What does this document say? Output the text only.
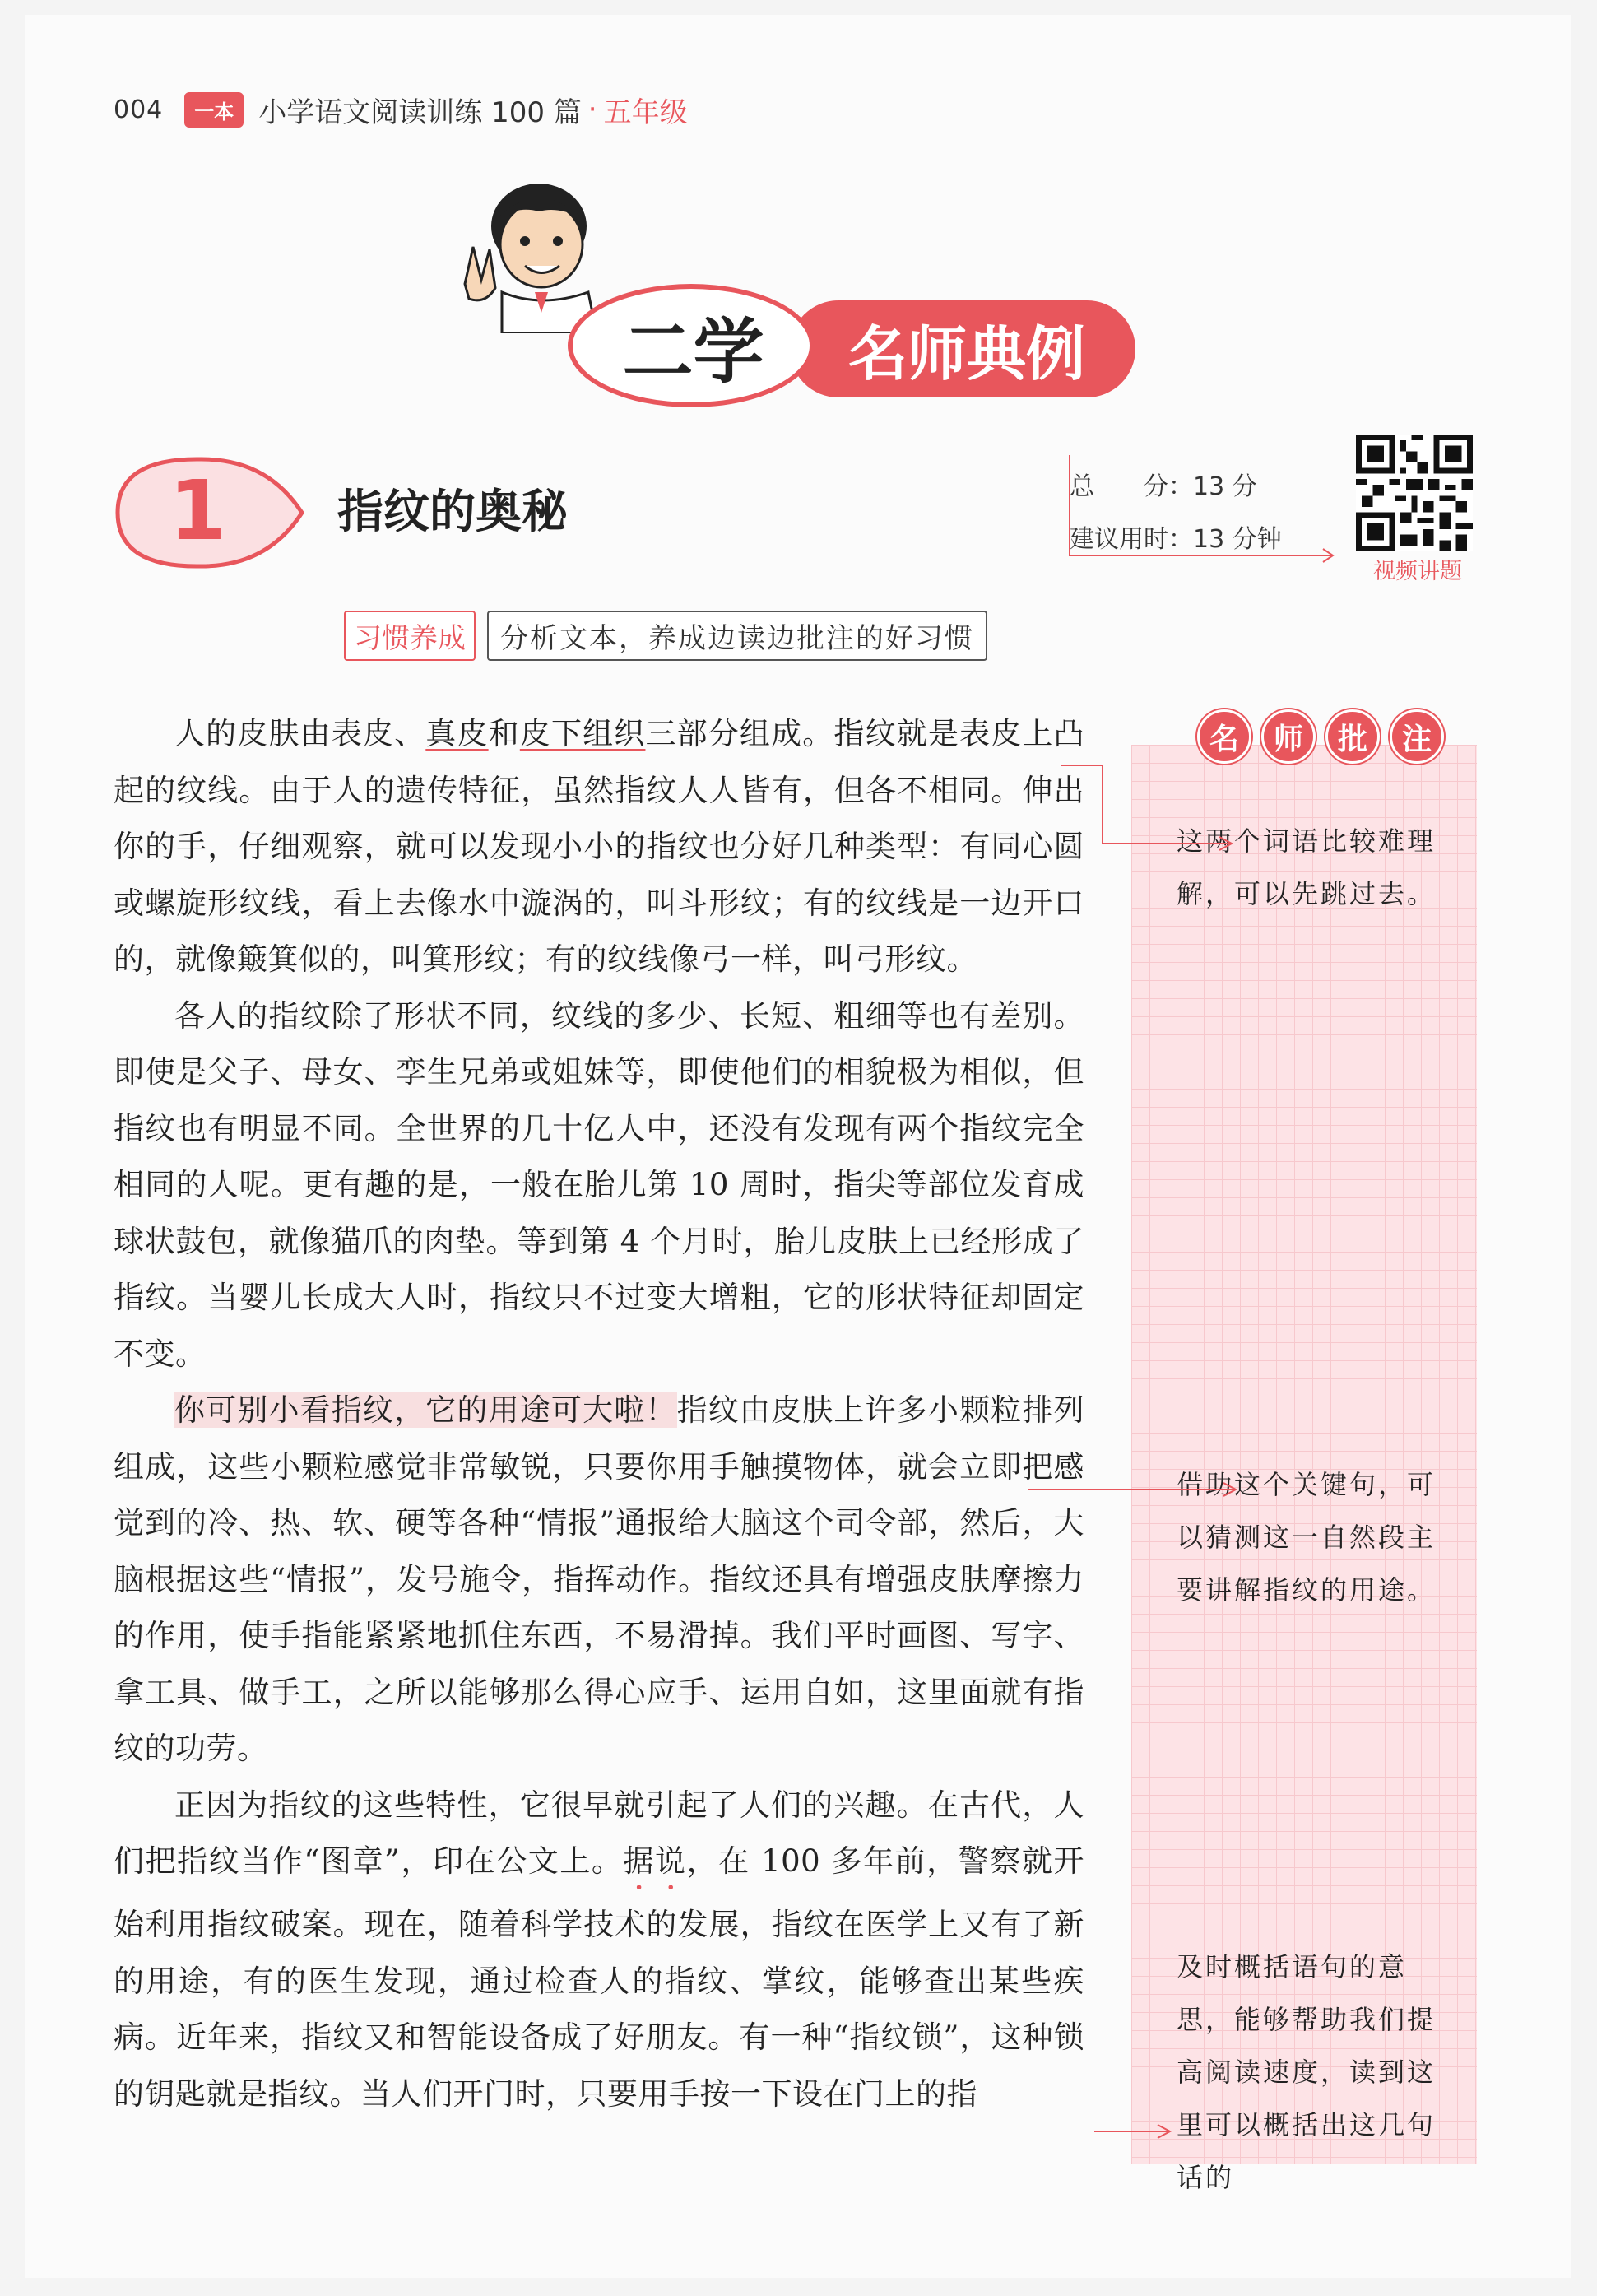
004	一本 小学语文阅读训练 100 篇 · 五年级
二学	名师典例
1	指纹的奥秘	总　　分：13 分
建议用时：13 分钟
视频讲题
习惯养成	分析文本，养成边读边批注的好习惯
名	师	批	注
这两个词语比较难理解，可以先跳过去。
借助这个关键句，可以猜测这一自然段主要讲解指纹的用途。
及时概括语句的意思，能够帮助我们提高阅读速度，读到这里可以概括出这几句话的

人的皮肤由表皮、真皮和皮下组织三部分组成。指纹就是表皮上凸起的纹线。由于人的遗传特征，虽然指纹人人皆有，但各不相同。伸出你的手，仔细观察，就可以发现小小的指纹也分好几种类型：有同心圆或螺旋形纹线，看上去像水中漩涡的，叫斗形纹；有的纹线是一边开口的，就像簸箕似的，叫箕形纹；有的纹线像弓一样，叫弓形纹。

各人的指纹除了形状不同，纹线的多少、长短、粗细等也有差别。即使是父子、母女、孪生兄弟或姐妹等，即使他们的相貌极为相似，但指纹也有明显不同。全世界的几十亿人中，还没有发现有两个指纹完全相同的人呢。更有趣的是，一般在胎儿第 10 周时，指尖等部位发育成球状鼓包，就像猫爪的肉垫。等到第 4 个月时，胎儿皮肤上已经形成了指纹。当婴儿长成大人时，指纹只不过变大增粗，它的形状特征却固定不变。

你可别小看指纹，它的用途可大啦！指纹由皮肤上许多小颗粒排列组成，这些小颗粒感觉非常敏锐，只要你用手触摸物体，就会立即把感觉到的冷、热、软、硬等各种“情报”通报给大脑这个司令部，然后，大脑根据这些“情报”，发号施令，指挥动作。指纹还具有增强皮肤摩擦力的作用，使手指能紧紧地抓住东西，不易滑掉。我们平时画图、写字、拿工具、做手工，之所以能够那么得心应手、运用自如，这里面就有指纹的功劳。

正因为指纹的这些特性，它很早就引起了人们的兴趣。在古代，人们把指纹当作“图章”，印在公文上。据说，在 100 多年前，警察就开始利用指纹破案。现在，随着科学技术的发展，指纹在医学上又有了新的用途，有的医生发现，通过检查人的指纹、掌纹，能够查出某些疾病。近年来，指纹又和智能设备成了好朋友。有一种“指纹锁”，这种锁的钥匙就是指纹。当人们开门时，只要用手按一下设在门上的指
